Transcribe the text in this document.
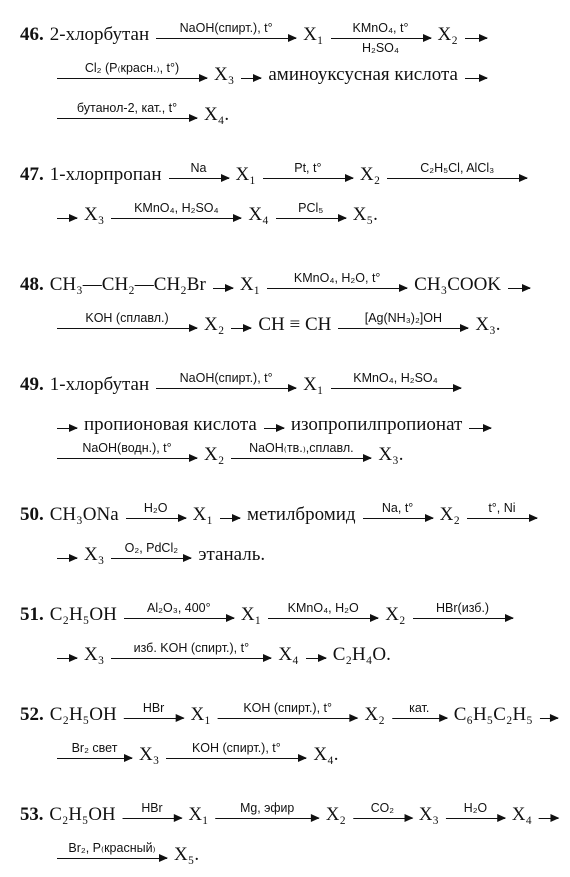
46. 2-хлорбутан	NaOH(спирт.), t°	X₁	KMnO₄, t°
H₂SO₄
X₂
→
Cl₂ (P₍красн.₎, t°)	X₃
→ аминоуксусная кислота
→
бутанол-2, кат., t°	X₄.
47. 1-хлорпропан	Na	X₁	Pt, t°	X₂	C₂H₅Cl, AlCl₃

→ X₃	KMnO₄, H₂SO₄	X₄	PCl₅	X₅.
48. CH₃—CH₂—CH₂Br
→ X₁	KMnO₄, H₂O, t°	CH₃COOK
→
KOH (сплавл.)	X₂
→ CH ≡ CH	[Ag(NH₃)₂]OH	X₃.
49. 1-хлорбутан	NaOH(спирт.), t°	X₁	KMnO₄, H₂SO₄

→ пропионовая кислота
→ изопропилпропионат
→
NaOH(водн.), t°	X₂	NaOH₍тв.₎,сплавл.	X₃.
50. CH₃ONa	H₂O	X₁
→ метилбромид	Na, t°	X₂	t°, Ni

→ X₃	O₂, PdCl₂	этаналь.
51. C₂H₅OH	Al₂O₃, 400°	X₁	KMnO₄, H₂O	X₂	HBr(изб.)

→ X₃	изб. KOH (спирт.), t°	X₄
→ C₂H₄O.
52. C₂H₅OH	HBr	X₁	KOH (спирт.), t°	X₂	кат.	C₆H₅C₂H₅

Br₂ свет	X₃	KOH (спирт.), t°	X₄.
53. C₂H₅OH	HBr	X₁	Mg, эфир	X₂	CO₂	X₃	H₂O	X₄

Br₂, P₍красный₎ X₅.
